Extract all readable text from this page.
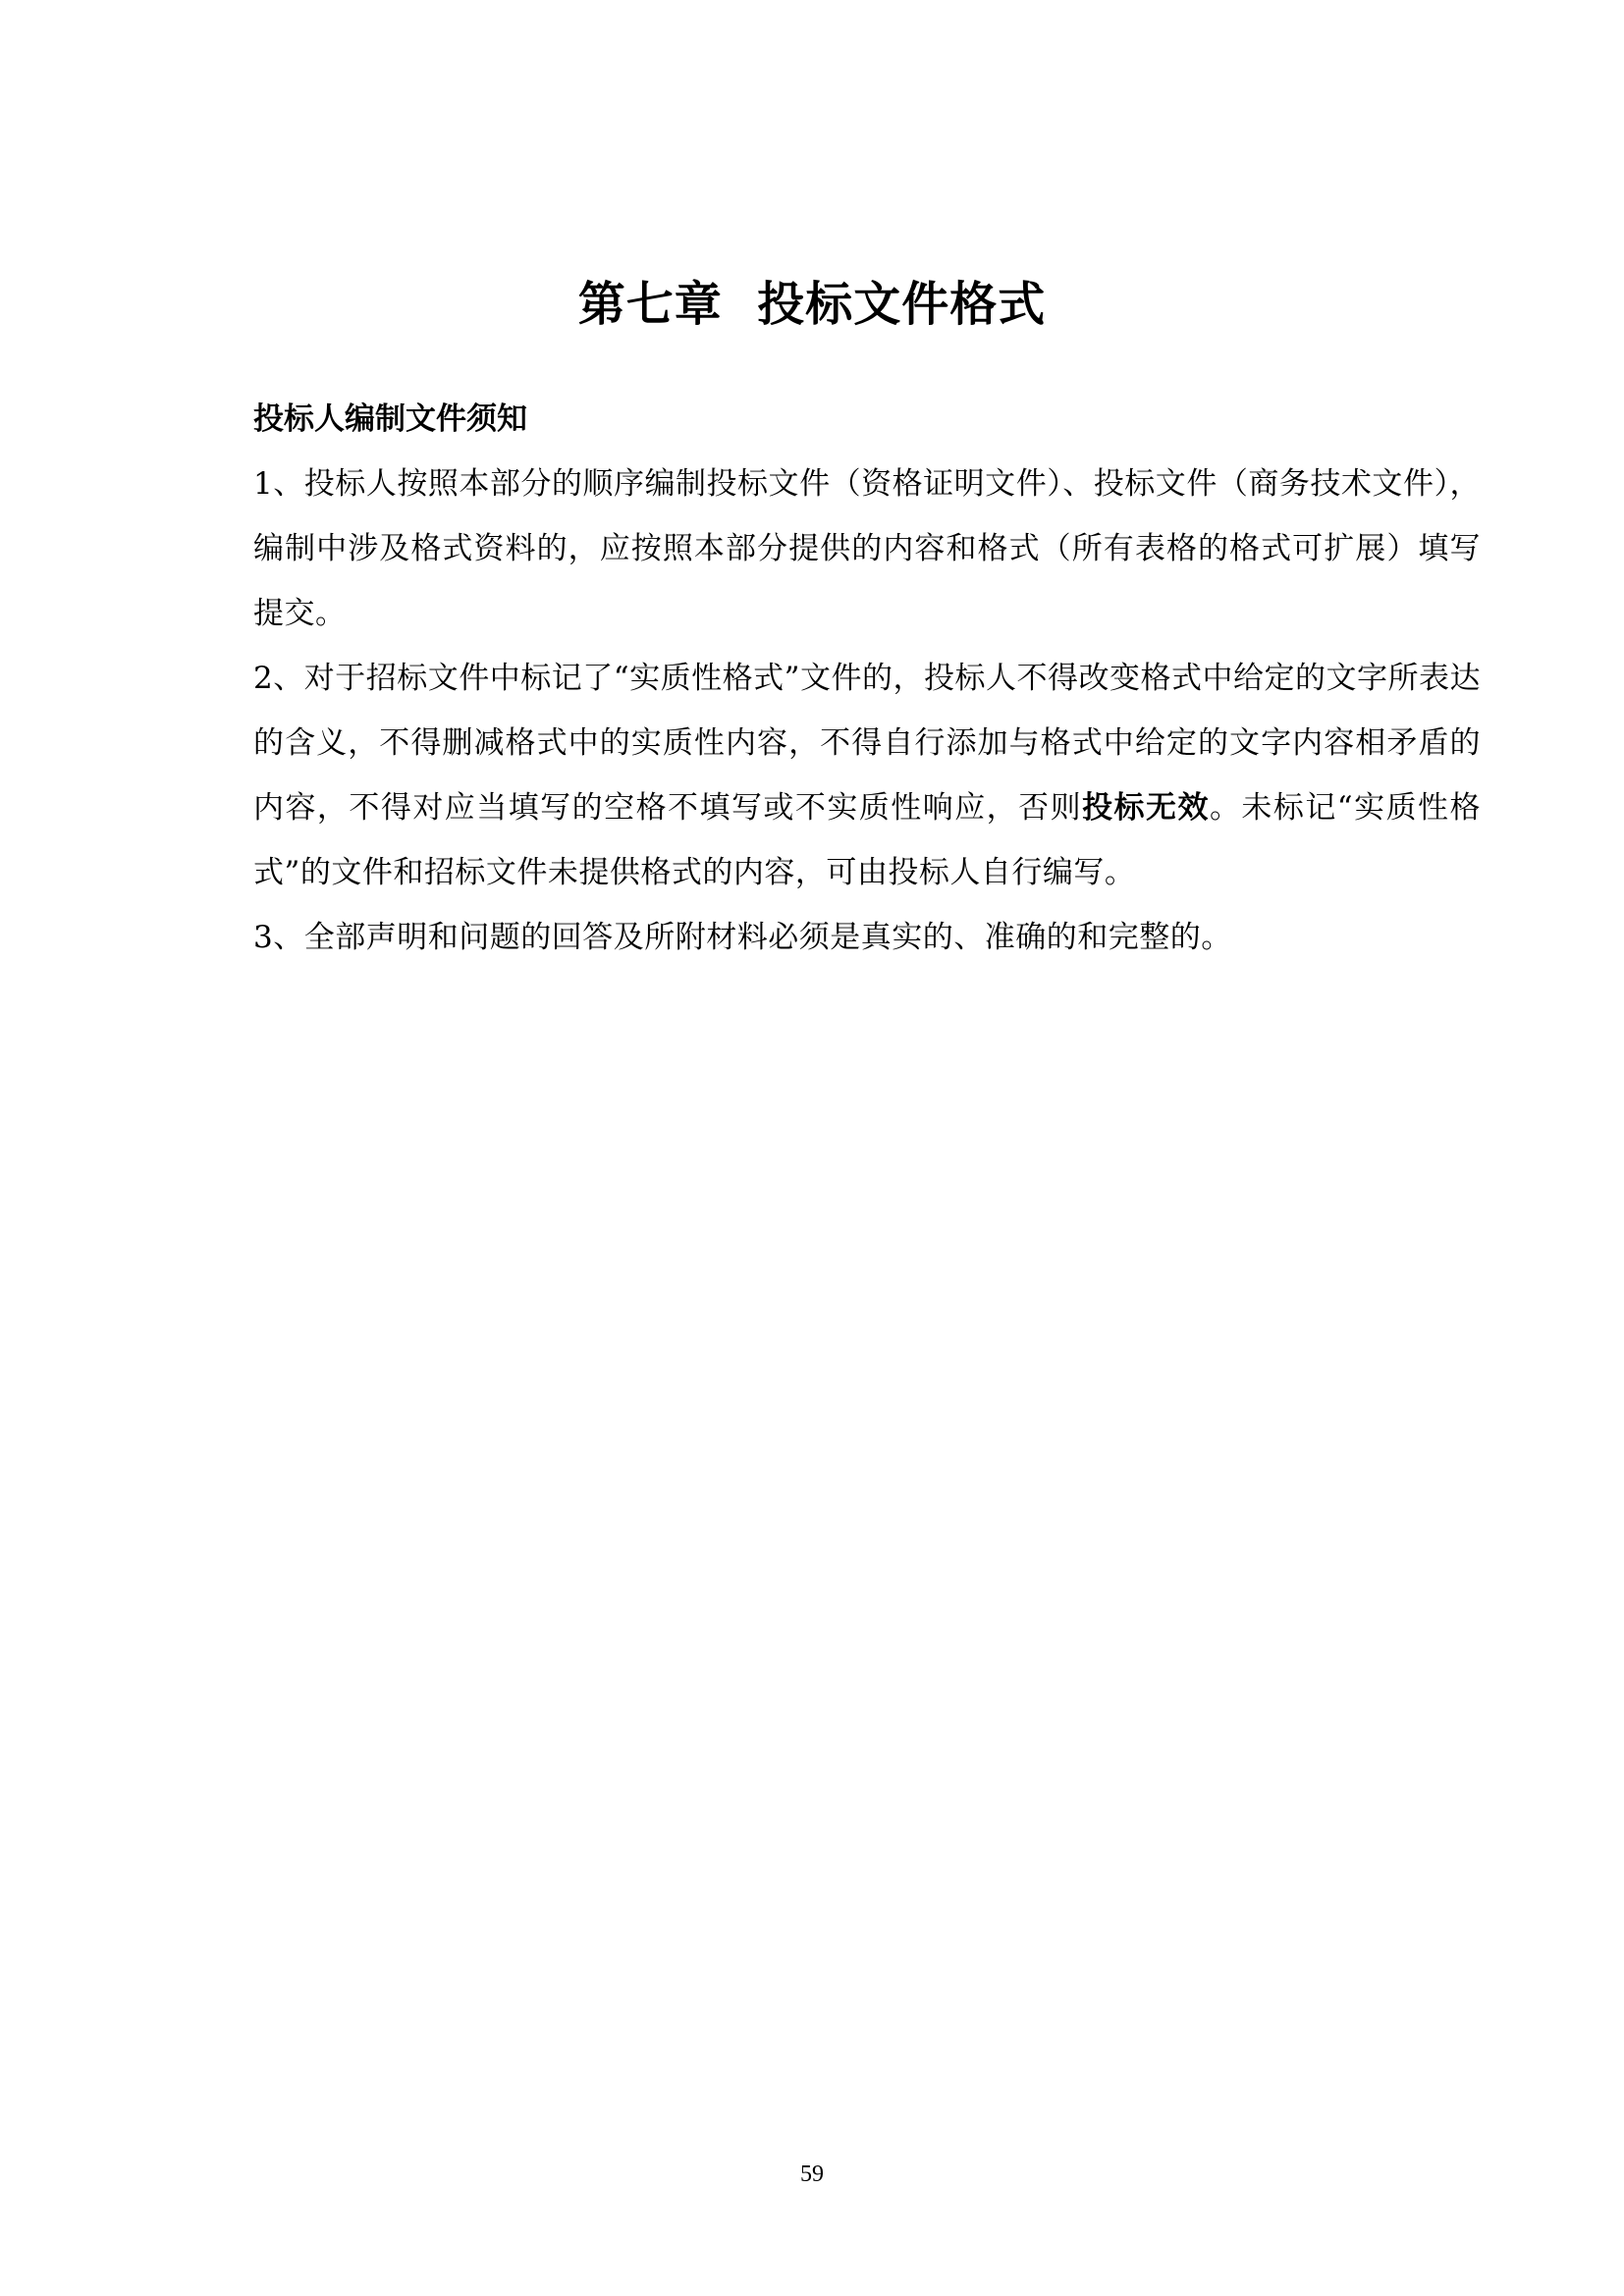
第七章  投标文件格式
投标人编制文件须知

1、投标人按照本部分的顺序编制投标文件（资格证明文件）、投标文件（商务技术文件），编制中涉及格式资料的，应按照本部分提供的内容和格式（所有表格的格式可扩展）填写提交。

2、对于招标文件中标记了“实质性格式”文件的，投标人不得改变格式中给定的文字所表达的含义，不得删减格式中的实质性内容，不得自行添加与格式中给定的文字内容相矛盾的内容，不得对应当填写的空格不填写或不实质性响应，否则投标无效。未标记“实质性格式”的文件和招标文件未提供格式的内容，可由投标人自行编写。

3、全部声明和问题的回答及所附材料必须是真实的、准确的和完整的。

59
